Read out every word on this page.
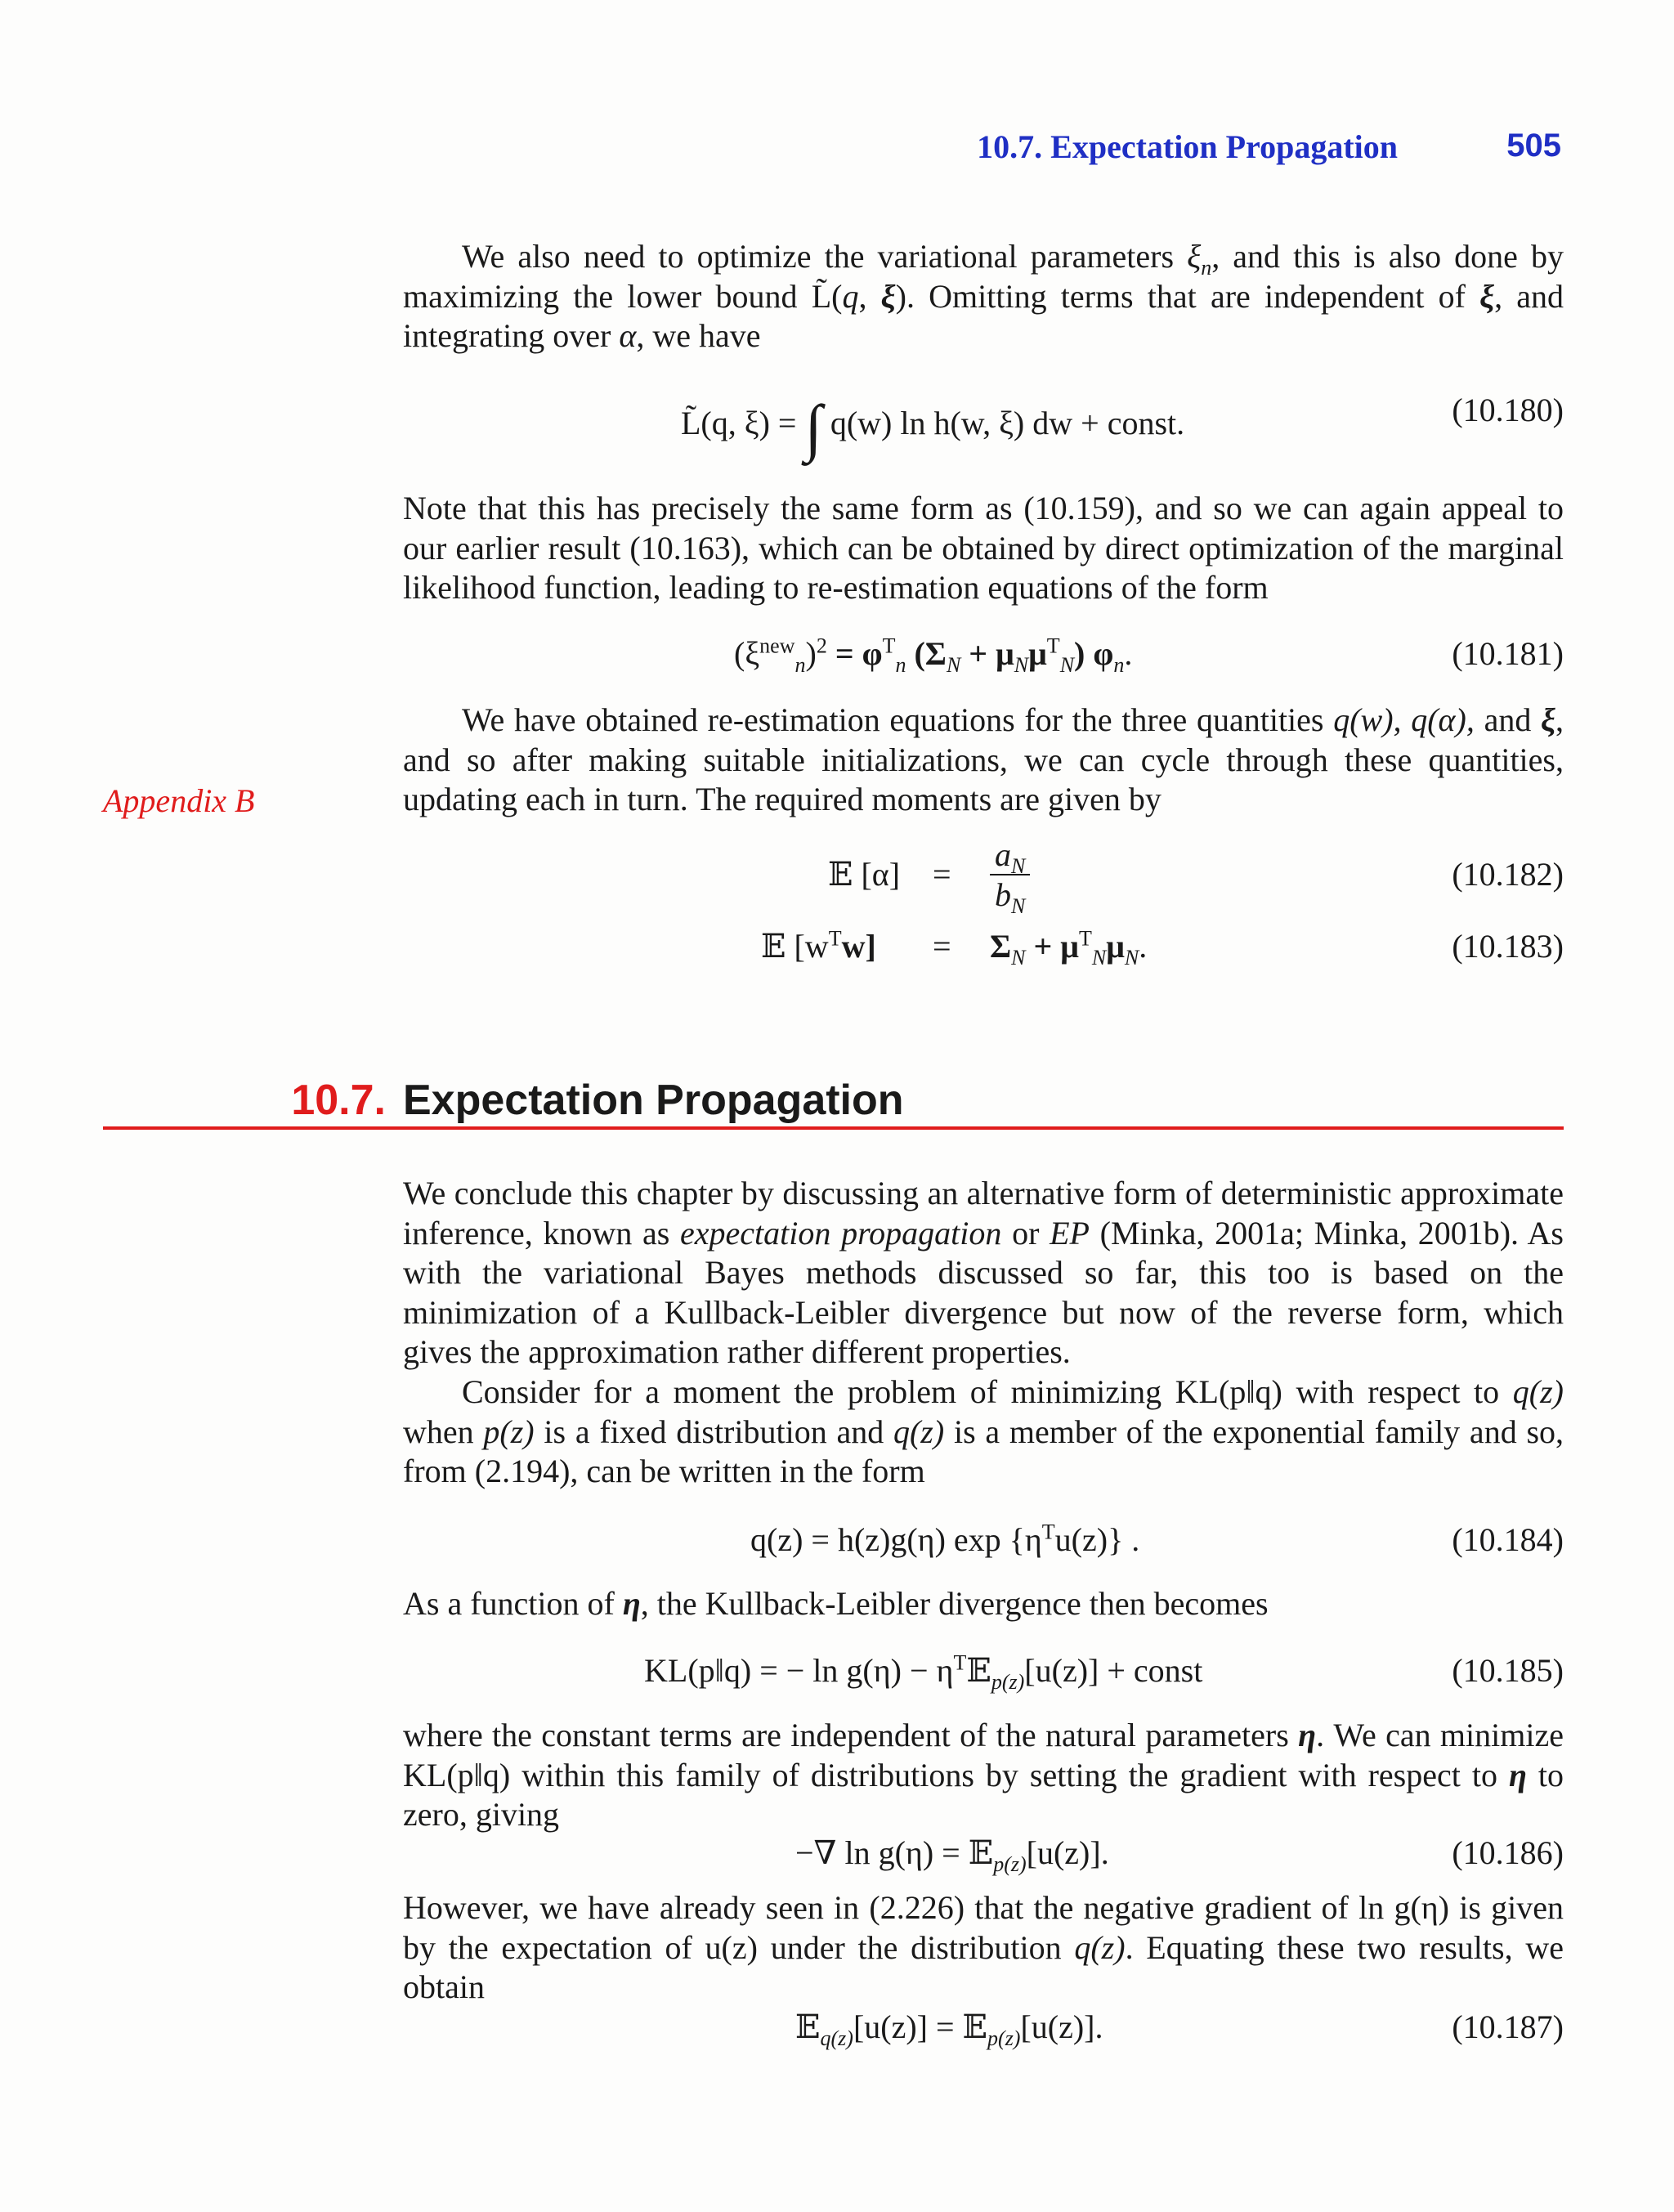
10.7. Expectation Propagation	505
We also need to optimize the variational parameters $\xi_n$, and this is also done by maximizing the lower bound L̃(q, ξ). Omitting terms that are independent of ξ, and integrating over α, we have
L̃(q, ξ) = ∫ q(w) ln h(w, ξ) dw + const.	(10.180)
Note that this has precisely the same form as (10.159), and so we can again appeal to our earlier result (10.163), which can be obtained by direct optimization of the marginal likelihood function, leading to re-estimation equations of the form
$(\xi^{new}_n)^2 = \varphi^T_n$ $(\Sigma_N + \mu_N\mu^T_N)$ $\varphi_n$.	(10.181)
We have obtained re-estimation equations for the three quantities q(w), q(α), and ξ, and so after making suitable initializations, we can cycle through these quantities, updating each in turn. The required moments are given by
Appendix B
𝔼 $[\alpha] = \frac{a_N}{b_N}$	(10.182)
𝔼 $[w^Tw] = \Sigma_N + \mu^T_N\mu_N$.	(10.183)
10.7. Expectation Propagation
We conclude this chapter by discussing an alternative form of deterministic approximate inference, known as expectation propagation or EP (Minka, 2001a; Minka, 2001b). As with the variational Bayes methods discussed so far, this too is based on the minimization of a Kullback-Leibler divergence but now of the reverse form, which gives the approximation rather different properties.
Consider for a moment the problem of minimizing KL(p‖q) with respect to q(z) when p(z) is a fixed distribution and q(z) is a member of the exponential family and so, from (2.194), can be written in the form
q(z) = h(z)g(η) $\exp \{\eta^Tu(z)\}$ .	(10.184)
As a function of η, the Kullback-Leibler divergence then becomes
KL(p‖q) = − $\ln g(\eta) - \eta^T𝔼_{p(z)}[u(z)]$ + const	(10.185)
where the constant terms are independent of the natural parameters η. We can minimize KL(p‖q) within this family of distributions by setting the gradient with respect to η to zero, giving
−∇ ln g(η) = 𝔼$_{p(z)}$[u(z)].	(10.186)
However, we have already seen in (2.226) that the negative gradient of ln g(η) is given by the expectation of u(z) under the distribution q(z). Equating these two results, we obtain
𝔼$_{q(z)}$[u(z)] = 𝔼$_{p(z)}$[u(z)].	(10.187)
